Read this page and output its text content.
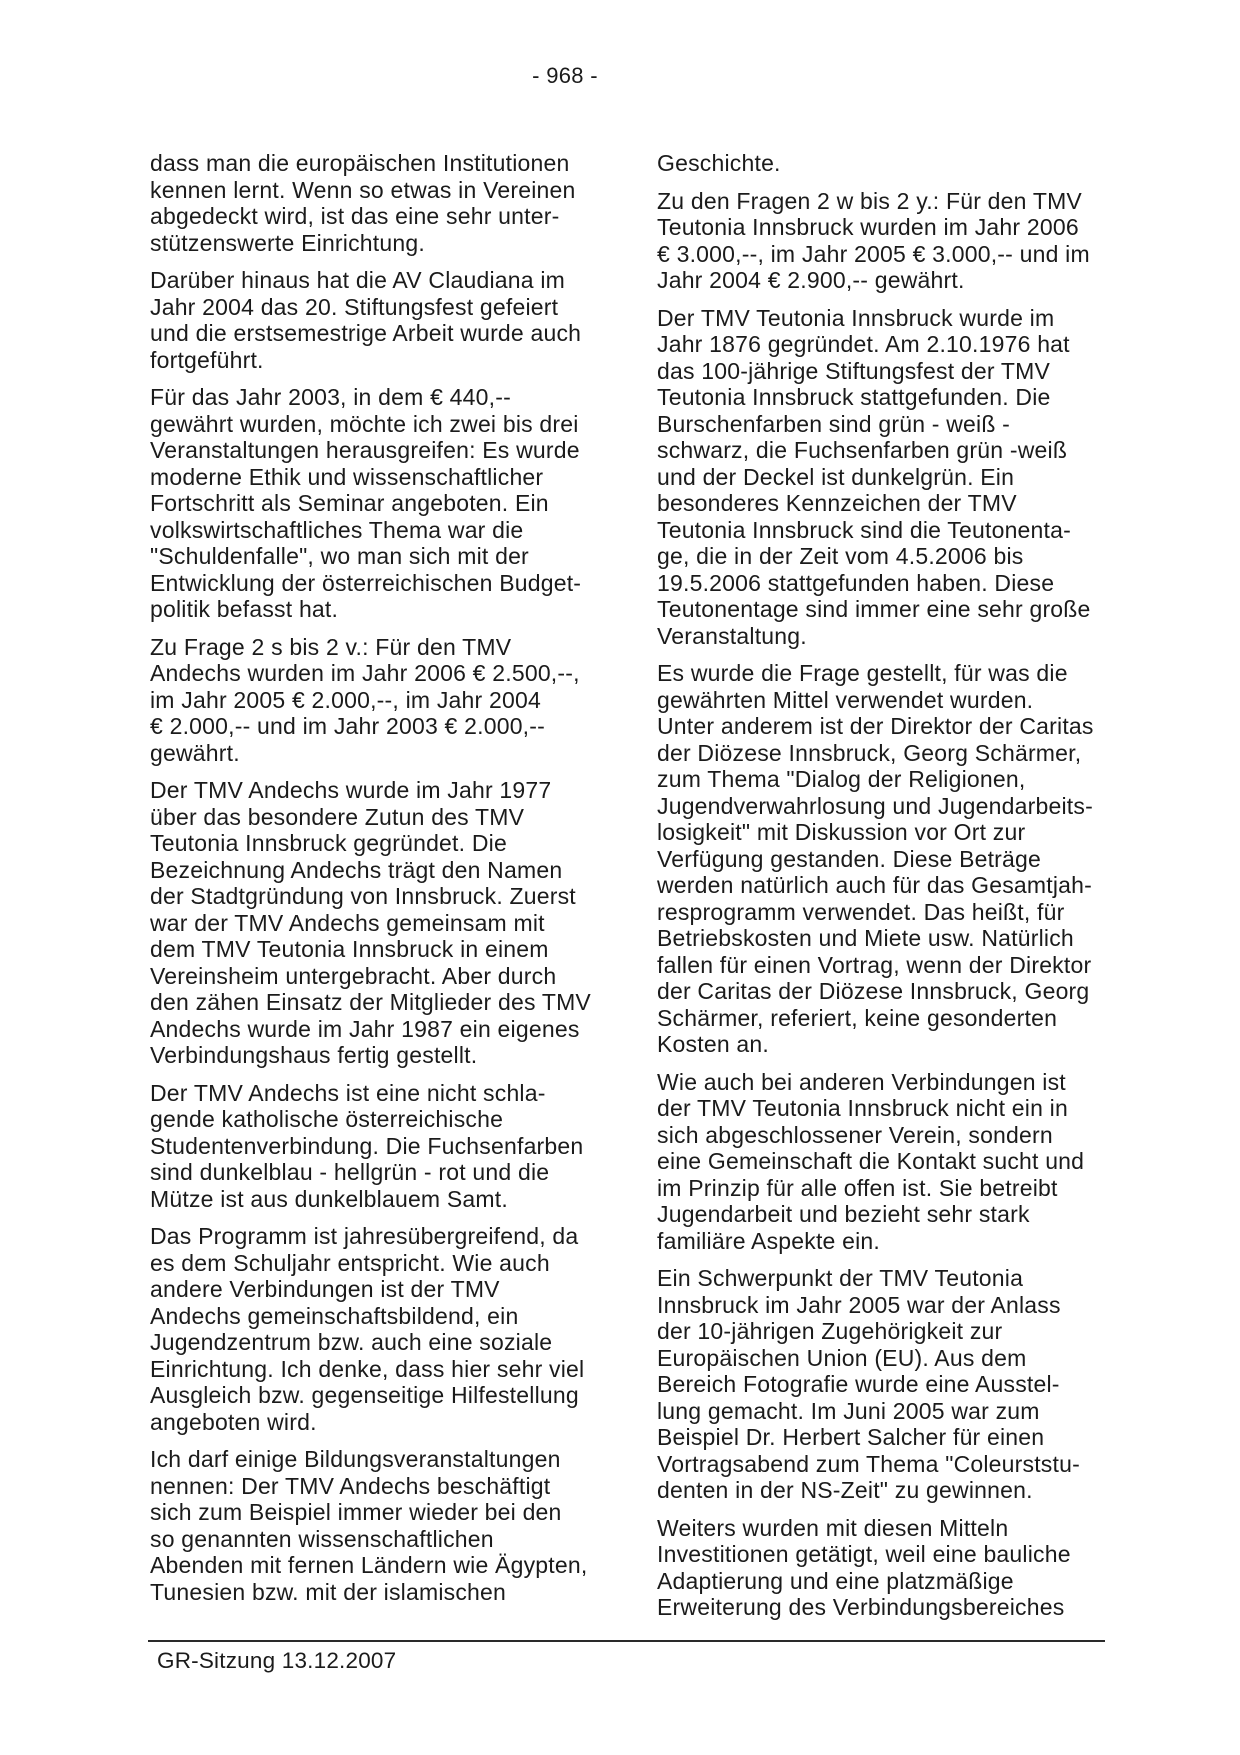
- 968 -
dass man die europäischen Institutionen
kennen lernt. Wenn so etwas in Vereinen
abgedeckt wird, ist das eine sehr unter-
stützenswerte Einrichtung.
Darüber hinaus hat die AV Claudiana im
Jahr 2004 das 20. Stiftungsfest gefeiert
und die erstsemestrige Arbeit wurde auch
fortgeführt.
Für das Jahr 2003, in dem € 440,--
gewährt wurden, möchte ich zwei bis drei
Veranstaltungen herausgreifen: Es wurde
moderne Ethik und wissenschaftlicher
Fortschritt als Seminar angeboten. Ein
volkswirtschaftliches Thema war die
"Schuldenfalle", wo man sich mit der
Entwicklung der österreichischen Budget-
politik befasst hat.
Zu Frage 2 s bis 2 v.: Für den TMV
Andechs wurden im Jahr 2006 € 2.500,--,
im Jahr 2005 € 2.000,--, im Jahr 2004
€ 2.000,-- und im Jahr 2003 € 2.000,--
gewährt.
Der TMV Andechs wurde im Jahr 1977
über das besondere Zutun des TMV
Teutonia Innsbruck gegründet. Die
Bezeichnung Andechs trägt den Namen
der Stadtgründung von Innsbruck. Zuerst
war der TMV Andechs gemeinsam mit
dem TMV Teutonia Innsbruck in einem
Vereinsheim untergebracht. Aber durch
den zähen Einsatz der Mitglieder des TMV
Andechs wurde im Jahr 1987 ein eigenes
Verbindungshaus fertig gestellt.
Der TMV Andechs ist eine nicht schla-
gende katholische österreichische
Studentenverbindung. Die Fuchsenfarben
sind dunkelblau - hellgrün - rot und die
Mütze ist aus dunkelblauem Samt.
Das Programm ist jahresübergreifend, da
es dem Schuljahr entspricht. Wie auch
andere Verbindungen ist der TMV
Andechs gemeinschaftsbildend, ein
Jugendzentrum bzw. auch eine soziale
Einrichtung. Ich denke, dass hier sehr viel
Ausgleich bzw. gegenseitige Hilfestellung
angeboten wird.
Ich darf einige Bildungsveranstaltungen
nennen: Der TMV Andechs beschäftigt
sich zum Beispiel immer wieder bei den
so genannten wissenschaftlichen
Abenden mit fernen Ländern wie Ägypten,
Tunesien bzw. mit der islamischen
Geschichte.
Zu den Fragen 2 w bis 2 y.: Für den TMV
Teutonia Innsbruck wurden im Jahr 2006
€ 3.000,--, im Jahr 2005 € 3.000,-- und im
Jahr 2004 € 2.900,-- gewährt.
Der TMV Teutonia Innsbruck wurde im
Jahr 1876 gegründet. Am 2.10.1976 hat
das 100-jährige Stiftungsfest der TMV
Teutonia Innsbruck stattgefunden. Die
Burschenfarben sind grün - weiß -
schwarz, die Fuchsenfarben grün -weiß
und der Deckel ist dunkelgrün. Ein
besonderes Kennzeichen der TMV
Teutonia Innsbruck sind die Teutonenta-
ge, die in der Zeit vom 4.5.2006 bis
19.5.2006 stattgefunden haben. Diese
Teutonentage sind immer eine sehr große
Veranstaltung.
Es wurde die Frage gestellt, für was die
gewährten Mittel verwendet wurden.
Unter anderem ist der Direktor der Caritas
der Diözese Innsbruck, Georg Schärmer,
zum Thema "Dialog der Religionen,
Jugendverwahrlosung und Jugendarbeits-
losigkeit" mit Diskussion vor Ort zur
Verfügung gestanden. Diese Beträge
werden natürlich auch für das Gesamtjah-
resprogramm verwendet. Das heißt, für
Betriebskosten und Miete usw. Natürlich
fallen für einen Vortrag, wenn der Direktor
der Caritas der Diözese Innsbruck, Georg
Schärmer, referiert, keine gesonderten
Kosten an.
Wie auch bei anderen Verbindungen ist
der TMV Teutonia Innsbruck nicht ein in
sich abgeschlossener Verein, sondern
eine Gemeinschaft die Kontakt sucht und
im Prinzip für alle offen ist. Sie betreibt
Jugendarbeit und bezieht sehr stark
familiäre Aspekte ein.
Ein Schwerpunkt der TMV Teutonia
Innsbruck im Jahr 2005 war der Anlass
der 10-jährigen Zugehörigkeit zur
Europäischen Union (EU). Aus dem
Bereich Fotografie wurde eine Ausstel-
lung gemacht. Im Juni 2005 war zum
Beispiel Dr. Herbert Salcher für einen
Vortragsabend zum Thema "Coleurststu-
denten in der NS-Zeit" zu gewinnen.
Weiters wurden mit diesen Mitteln
Investitionen getätigt, weil eine bauliche
Adaptierung und eine platzmäßige
Erweiterung des Verbindungsbereiches
GR-Sitzung 13.12.2007
